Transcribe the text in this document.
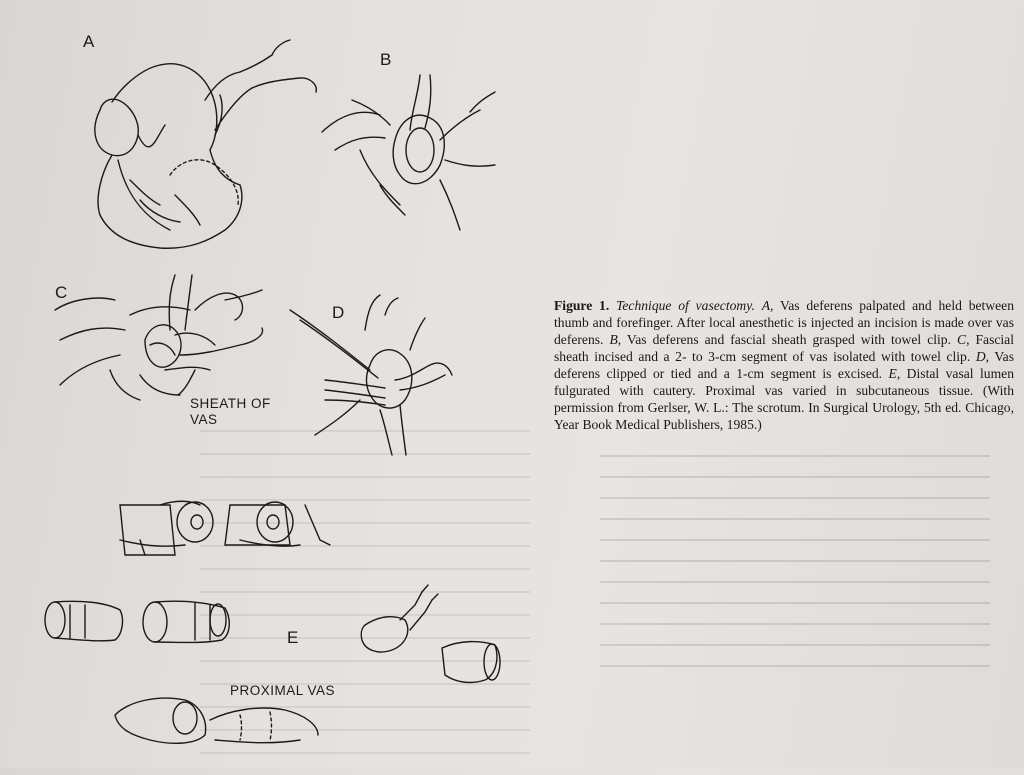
A
B
C
D
E
SHEATH OF
VAS
PROXIMAL VAS
Figure 1. Technique of vasectomy. A, Vas deferens palpated and held between thumb and forefinger. After local anesthetic is injected an incision is made over vas deferens. B, Vas deferens and fascial sheath grasped with towel clip. C, Fascial sheath incised and a 2- to 3-cm segment of vas isolated with towel clip. D, Vas deferens clipped or tied and a 1-cm segment is excised. E, Distal vasal lumen fulgurated with cautery. Proximal vas varied in subcutaneous tissue. (With permission from Gerlser, W. L.: The scrotum. In Surgical Urology, 5th ed. Chicago, Year Book Medical Publishers, 1985.)
